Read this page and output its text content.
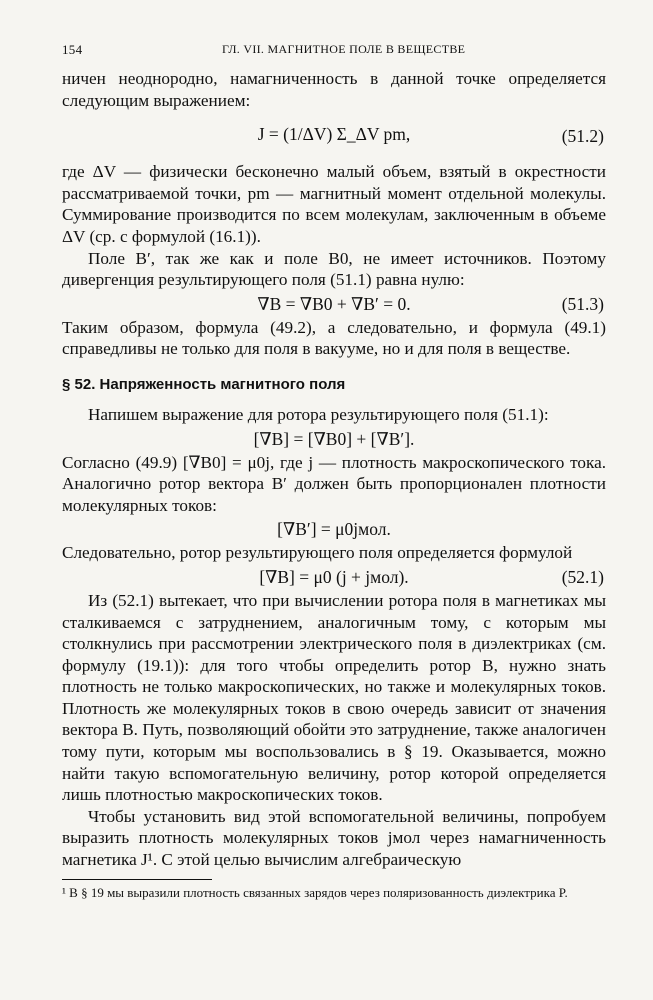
154	ГЛ. VII. МАГНИТНОЕ ПОЛЕ В ВЕЩЕСТВЕ

ничен неоднородно, намагниченность в данной точке определяется следующим выражением:

J = (1/ΔV) Σ_ΔV pm,	(51.2)

где ΔV — физически бесконечно малый объем, взятый в окрестности рассматриваемой точки, pm — магнитный момент отдельной молекулы. Суммирование производится по всем молекулам, заключенным в объеме ΔV (ср. с формулой (16.1)).

Поле B′, так же как и поле B0, не имеет источников. Поэтому дивергенция результирующего поля (51.1) равна нулю:

∇B = ∇B0 + ∇B′ = 0.	(51.3)

Таким образом, формула (49.2), а следовательно, и формула (49.1) справедливы не только для поля в вакууме, но и для поля в веществе.

§ 52. Напряженность магнитного поля

Напишем выражение для ротора результирующего поля (51.1):

[∇B] = [∇B0] + [∇B′].

Согласно (49.9) [∇B0] = μ0j, где j — плотность макроскопического тока. Аналогично ротор вектора B′ должен быть пропорционален плотности молекулярных токов:

[∇B′] = μ0jмол.

Следовательно, ротор результирующего поля определяется формулой

[∇B] = μ0 (j + jмол).	(52.1)

Из (52.1) вытекает, что при вычислении ротора поля в магнетиках мы сталкиваемся с затруднением, аналогичным тому, с которым мы столкнулись при рассмотрении электрического поля в диэлектриках (см. формулу (19.1)): для того чтобы определить ротор B, нужно знать плотность не только макроскопических, но также и молекулярных токов. Плотность же молекулярных токов в свою очередь зависит от значения вектора B. Путь, позволяющий обойти это затруднение, также аналогичен тому пути, которым мы воспользовались в § 19. Оказывается, можно найти такую вспомогательную величину, ротор которой определяется лишь плотностью макроскопических токов.

Чтобы установить вид этой вспомогательной величины, попробуем выразить плотность молекулярных токов jмол через намагниченность магнетика J¹. С этой целью вычислим алгебраическую

¹ В § 19 мы выразили плотность связанных зарядов через поляризованность диэлектрика P.
